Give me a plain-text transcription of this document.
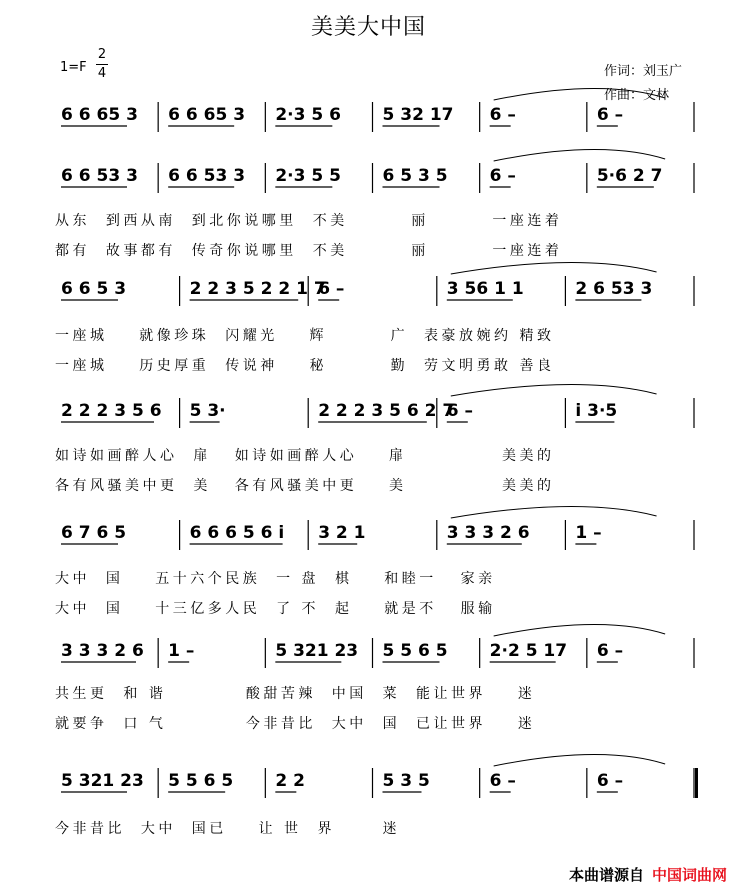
美美大中国
1=F
2
4	作词：刘玉广
作曲：文林
6 6 65 3 6 6 65 3 2·3 5 6 5 32 17 6 –	6 –
6 6 53 3 6 6 53 3 2·3 5 5 6 5 3 5 6 –	5·6 2 7
6 6 5 3	2 2 3 5 2 2 1 7
6 –	3 56 1 1	2 6 53 3
2 2 2 3 5 6 5 3·	2 2 2 3 5 6 2 7
6 –	i 3·5
6 7 6 5	6 6 6 5 6 i 3 2 1	3 3 3 2 6	1 –
3 3 3 2 6 1 –	5 321 23 5 5 6 5 2·2 5 17 6 –
5 321 23 5 5 6 5 2 2	5 3 5	6 –	6 –
从东  到西从南  到北你说哪里  不美        丽        一座连着
都有  故事都有  传奇你说哪里  不美        丽        一座连着
一座城    就像珍珠  闪耀光    辉        广  表豪放婉约 精致
一座城    历史厚重  传说神    秘        勤  劳文明勇敢 善良
如诗如画醉人心  扉   如诗如画醉人心    扉            美美的
各有风骚美中更  美   各有风骚美中更    美            美美的
大中  国    五十六个民族  一 盘  棋    和睦一   家亲
大中  国    十三亿多人民  了 不  起    就是不   服输
共生更  和 谐          酸甜苦辣  中国  菜  能让世界    迷
就要争  口 气          今非昔比  大中  国  已让世界    迷
今非昔比  大中  国已    让 世  界      迷
本曲谱源自 中国词曲网
